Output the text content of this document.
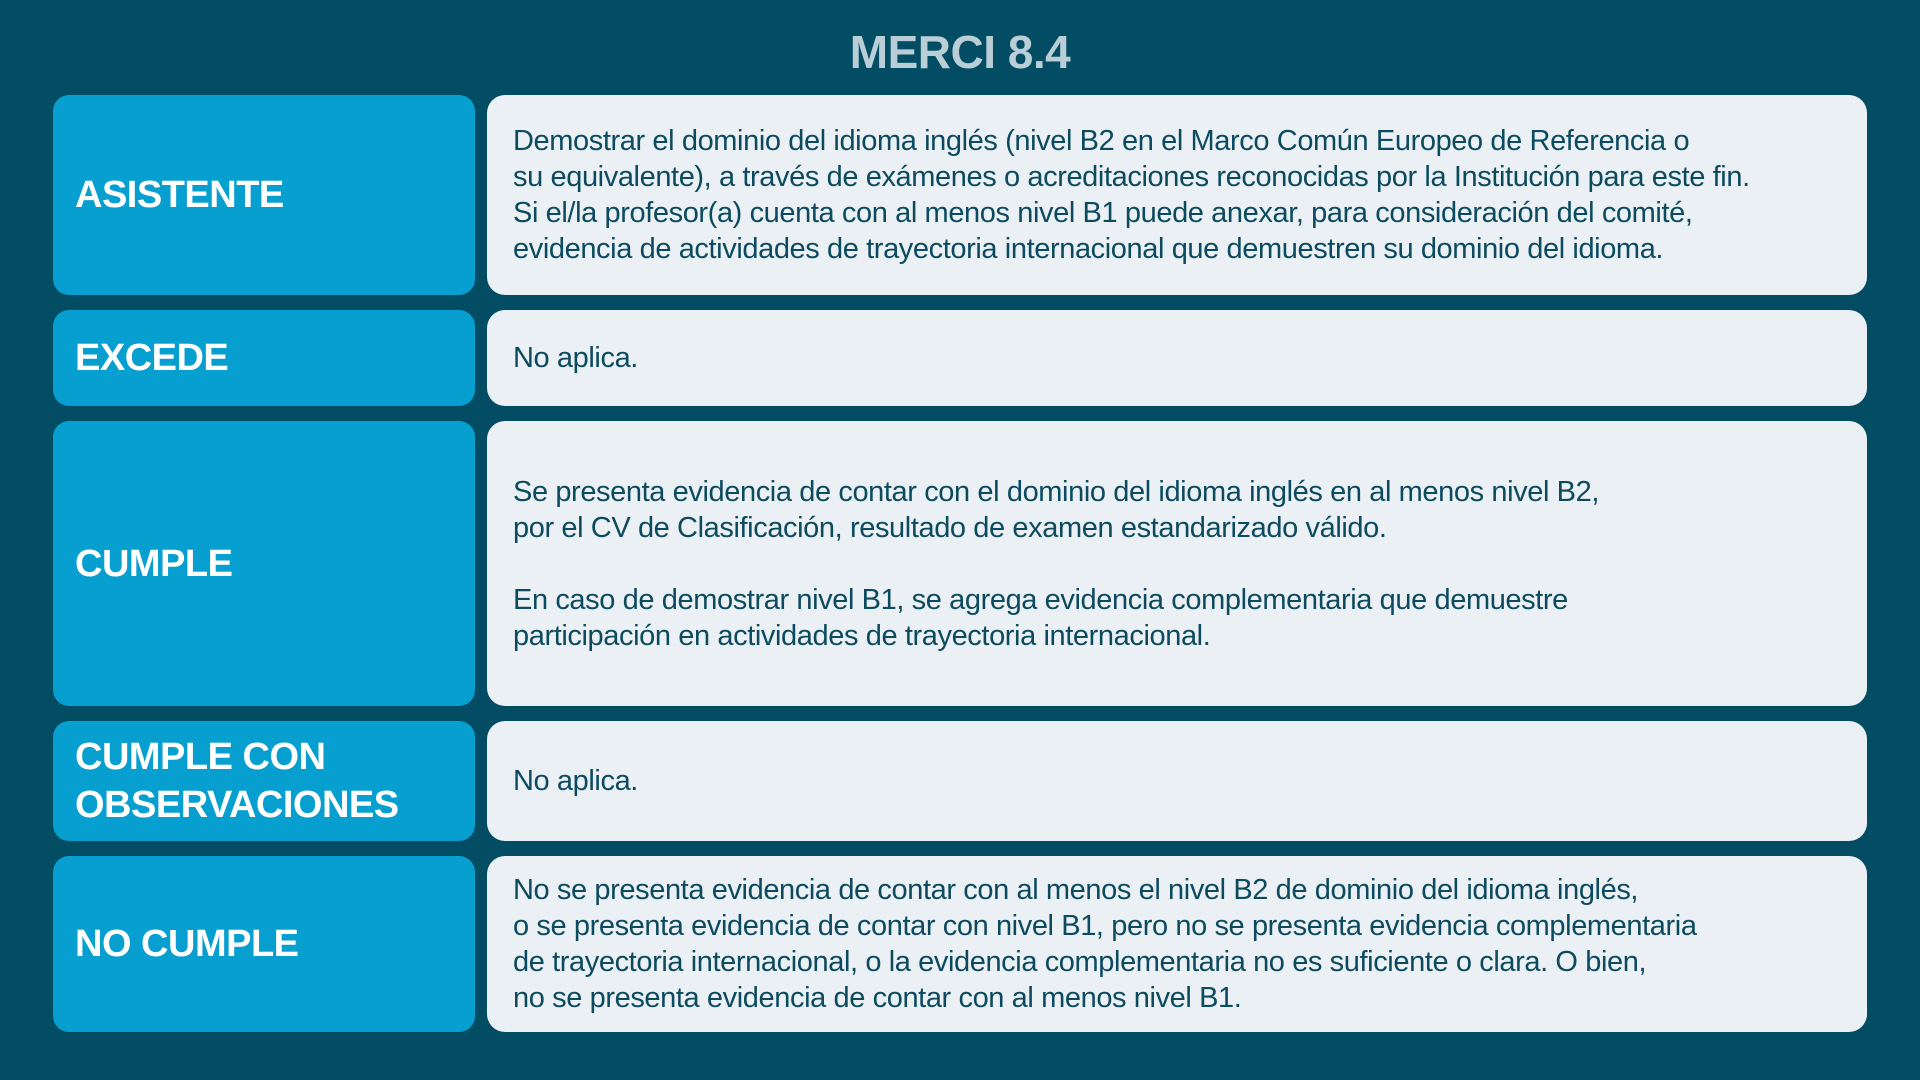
MERCI 8.4
ASISTENTE

Demostrar el dominio del idioma inglés (nivel B2 en el Marco Común Europeo de Referencia o
su equivalente), a través de exámenes o acreditaciones reconocidas por la Institución para este fin.
Si el/la profesor(a) cuenta con al menos nivel B1 puede anexar, para consideración del comité,
evidencia de actividades de trayectoria internacional que demuestren su dominio del idioma.

EXCEDE	No aplica.

CUMPLE

Se presenta evidencia de contar con el dominio del idioma inglés en al menos nivel B2,
por el CV de Clasificación, resultado de examen estandarizado válido.

En caso de demostrar nivel B1, se agrega evidencia complementaria que demuestre
participación en actividades de trayectoria internacional.

CUMPLE CON
OBSERVACIONES

No aplica.

NO CUMPLE

No se presenta evidencia de contar con al menos el nivel B2 de dominio del idioma inglés,
o se presenta evidencia de contar con nivel B1, pero no se presenta evidencia complementaria
de trayectoria internacional, o la evidencia complementaria no es suficiente o clara. O bien,
no se presenta evidencia de contar con al menos nivel B1.
